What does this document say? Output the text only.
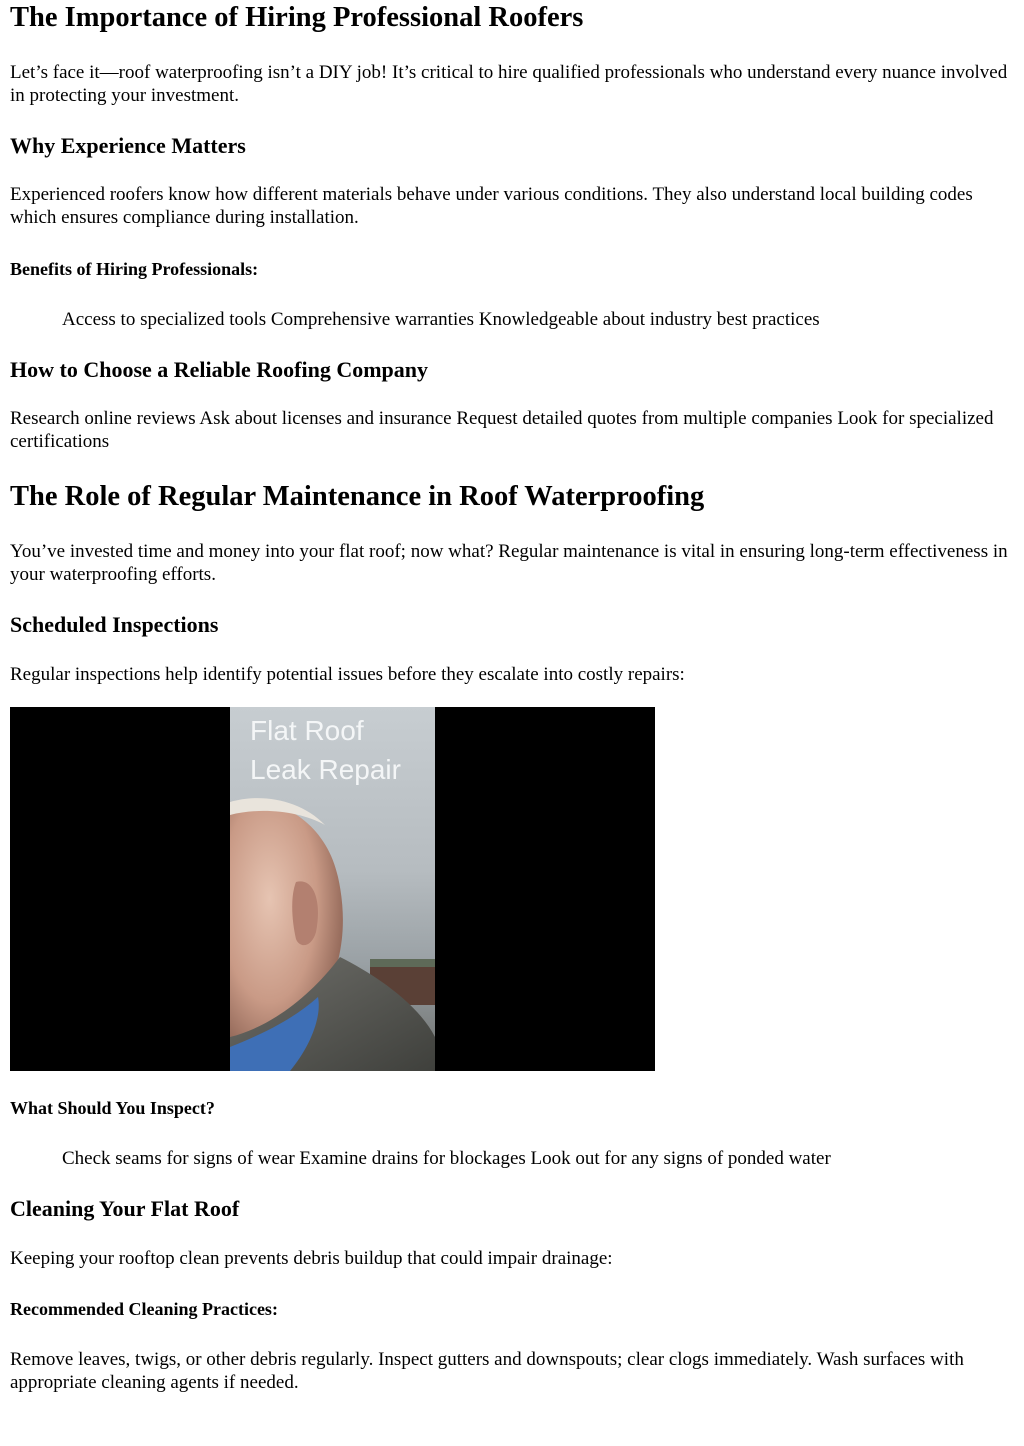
The Importance of Hiring Professional Roofers

Let’s face it—roof waterproofing isn’t a DIY job! It’s critical to hire qualified professionals who understand every nuance involved in protecting your investment.

Why Experience Matters

Experienced roofers know how different materials behave under various conditions. They also understand local building codes which ensures compliance during installation.

Benefits of Hiring Professionals:

Access to specialized tools Comprehensive warranties Knowledgeable about industry best practices

How to Choose a Reliable Roofing Company

Research online reviews Ask about licenses and insurance Request detailed quotes from multiple companies Look for specialized certifications

The Role of Regular Maintenance in Roof Waterproofing

You’ve invested time and money into your flat roof; now what? Regular maintenance is vital in ensuring long-term effectiveness in your waterproofing efforts.

Scheduled Inspections

Regular inspections help identify potential issues before they escalate into costly repairs:

Flat Roof
Leak Repair
What Should You Inspect?

Check seams for signs of wear Examine drains for blockages Look out for any signs of ponded water

Cleaning Your Flat Roof

Keeping your rooftop clean prevents debris buildup that could impair drainage:

Recommended Cleaning Practices:

Remove leaves, twigs, or other debris regularly. Inspect gutters and downspouts; clear clogs immediately. Wash surfaces with appropriate cleaning agents if needed.
